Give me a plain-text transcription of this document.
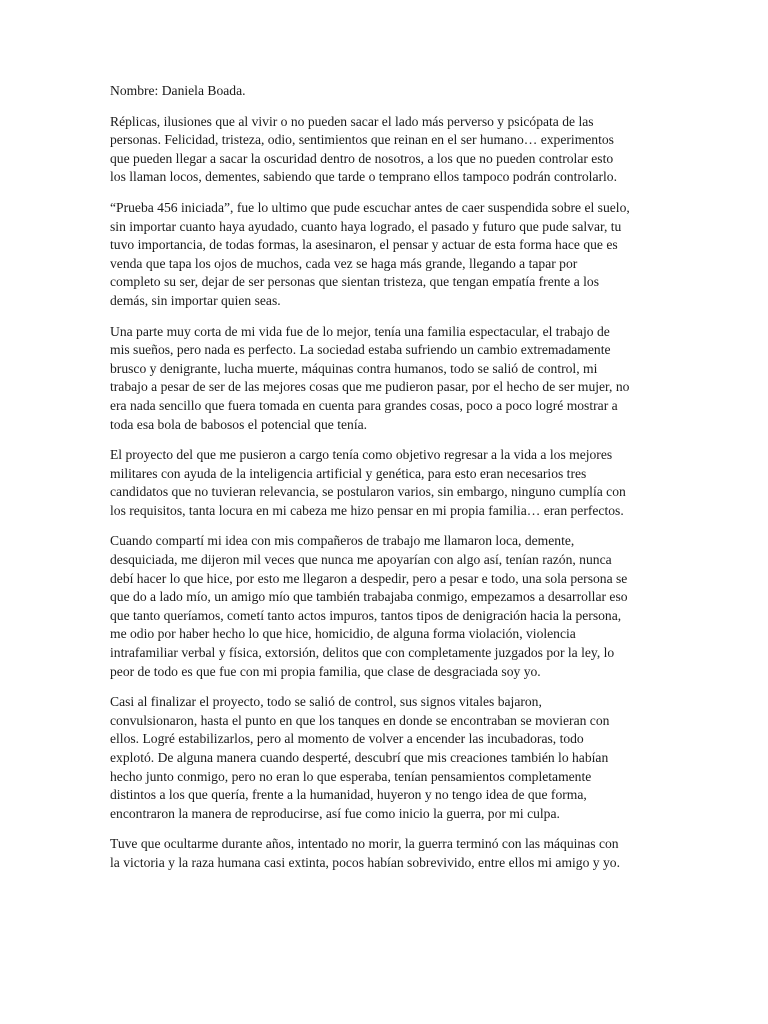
Nombre: Daniela Boada.

Réplicas, ilusiones que al vivir o no pueden sacar el lado más perverso y psicópata de las personas. Felicidad, tristeza, odio, sentimientos que reinan en el ser humano… experimentos que pueden llegar a sacar la oscuridad dentro de nosotros, a los que no pueden controlar esto los llaman locos, dementes, sabiendo que tarde o temprano ellos tampoco podrán controlarlo.

“Prueba 456 iniciada”, fue lo ultimo que pude escuchar antes de caer suspendida sobre el suelo, sin importar cuanto haya ayudado, cuanto haya logrado, el pasado y futuro que pude salvar, tu tuvo importancia, de todas formas, la asesinaron, el pensar y actuar de esta forma hace que es venda que tapa los ojos de muchos, cada vez se haga más grande, llegando a tapar por completo su ser, dejar de ser personas que sientan tristeza, que tengan empatía frente a los demás, sin importar quien seas.

Una parte muy corta de mi vida fue de lo mejor, tenía una familia espectacular, el trabajo de mis sueños, pero nada es perfecto. La sociedad estaba sufriendo un cambio extremadamente brusco y denigrante, lucha muerte, máquinas contra humanos, todo se salió de control, mi trabajo a pesar de ser de las mejores cosas que me pudieron pasar, por el hecho de ser mujer, no era nada sencillo que fuera tomada en cuenta para grandes cosas, poco a poco logré mostrar a toda esa bola de babosos el potencial que tenía.

El proyecto del que me pusieron a cargo tenía como objetivo regresar a la vida a los mejores militares con ayuda de la inteligencia artificial y genética, para esto eran necesarios tres candidatos que no tuvieran relevancia, se postularon varios, sin embargo, ninguno cumplía con los requisitos, tanta locura en mi cabeza me hizo pensar en mi propia familia… eran perfectos.

Cuando compartí mi idea con mis compañeros de trabajo me llamaron loca, demente, desquiciada, me dijeron mil veces que nunca me apoyarían con algo así, tenían razón, nunca debí hacer lo que hice, por esto me llegaron a despedir, pero a pesar e todo, una sola persona se que do a lado mío, un amigo mío que también trabajaba conmigo, empezamos a desarrollar eso que tanto queríamos, cometí tanto actos impuros, tantos tipos de denigración hacia la persona, me odio por haber hecho lo que hice, homicidio, de alguna forma violación, violencia intrafamiliar verbal y física, extorsión, delitos que con completamente juzgados por la ley, lo peor de todo es que fue con mi propia familia, que clase de desgraciada soy yo.

Casi al finalizar el proyecto, todo se salió de control, sus signos vitales bajaron, convulsionaron, hasta el punto en que los tanques en donde se encontraban se movieran con ellos. Logré estabilizarlos, pero al momento de volver a encender las incubadoras, todo explotó. De alguna manera cuando desperté, descubrí que mis creaciones también lo habían hecho junto conmigo, pero no eran lo que esperaba, tenían pensamientos completamente distintos a los que quería, frente a la humanidad, huyeron y no tengo idea de que forma, encontraron la manera de reproducirse, así fue como inicio la guerra, por mi culpa.

Tuve que ocultarme durante años, intentado no morir, la guerra terminó con las máquinas con la victoria y la raza humana casi extinta, pocos habían sobrevivido, entre ellos mi amigo y yo.
